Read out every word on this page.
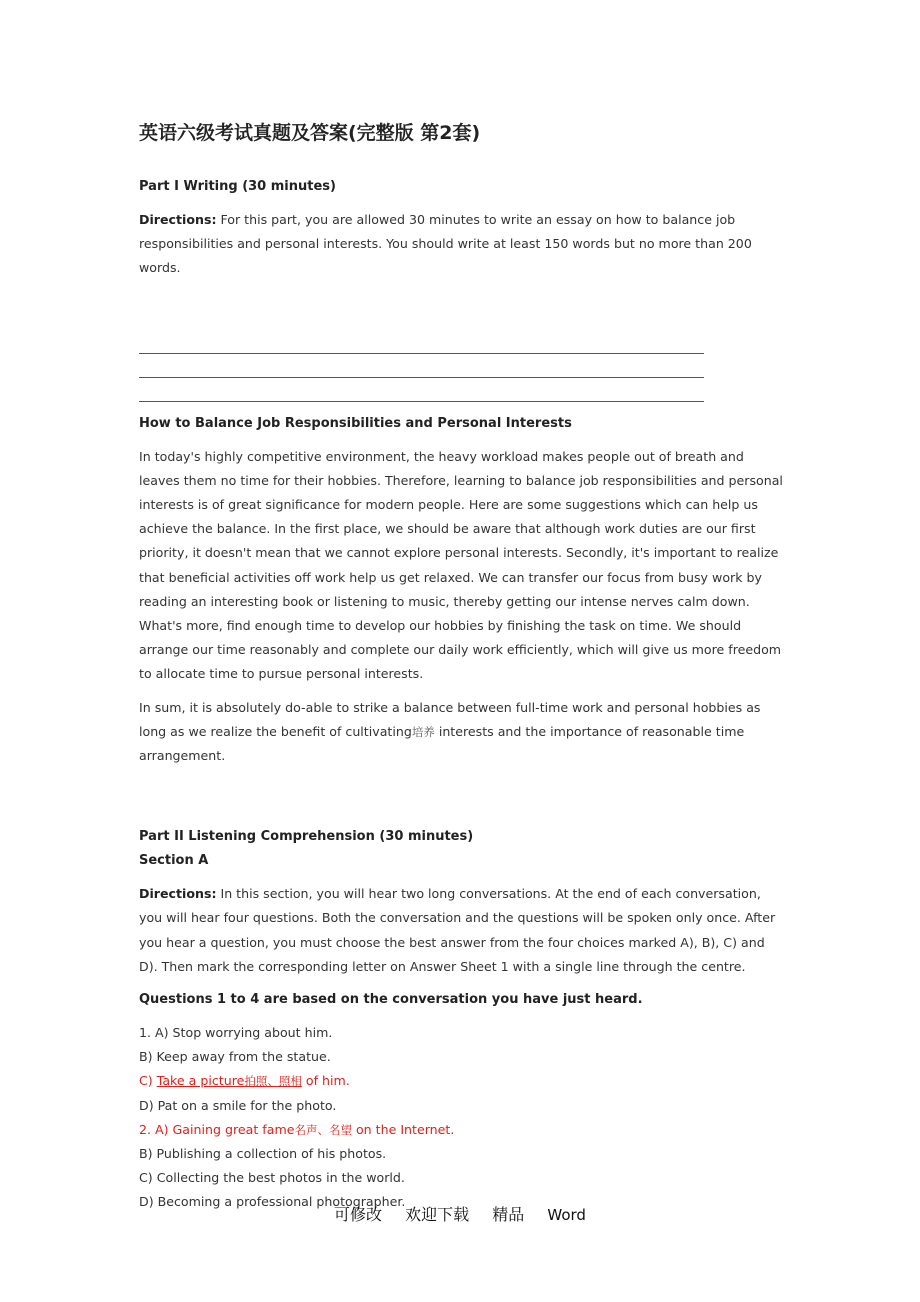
英语六级考试真题及答案(完整版 第2套)
Part I Writing (30 minutes)

Directions: For this part, you are allowed 30 minutes to write an essay on how to balance job responsibilities and personal interests. You should write at least 150 words but no more than 200 words.

How to Balance Job Responsibilities and Personal Interests

In today's highly competitive environment, the heavy workload makes people out of breath and leaves them no time for their hobbies. Therefore, learning to balance job responsibilities and personal interests is of great significance for modern people. Here are some suggestions which can help us achieve the balance. In the first place, we should be aware that although work duties are our first priority, it doesn't mean that we cannot explore personal interests. Secondly, it's important to realize that beneficial activities off work help us get relaxed. We can transfer our focus from busy work by reading an interesting book or listening to music, thereby getting our intense nerves calm down. What's more, find enough time to develop our hobbies by finishing the task on time. We should arrange our time reasonably and complete our daily work efficiently, which will give us more freedom to allocate time to pursue personal interests.

In sum, it is absolutely do-able to strike a balance between full-time work and personal hobbies as long as we realize the benefit of cultivating培养 interests and the importance of reasonable time arrangement.

Part II Listening Comprehension (30 minutes)
Section A

Directions: In this section, you will hear two long conversations. At the end of each conversation, you will hear four questions. Both the conversation and the questions will be spoken only once. After you hear a question, you must choose the best answer from the four choices marked A), B), C) and D). Then mark the corresponding letter on Answer Sheet 1 with a single line through the centre.

Questions 1 to 4 are based on the conversation you have just heard.

1. A) Stop worrying about him.

B) Keep away from the statue.

C) Take a picture拍照、照相 of him.

D) Pat on a smile for the photo.

2. A) Gaining great fame名声、名望 on the Internet.

B) Publishing a collection of his photos.

C) Collecting the best photos in the world.

D) Becoming a professional photographer.

可修改 欢迎下载 精品 Word
